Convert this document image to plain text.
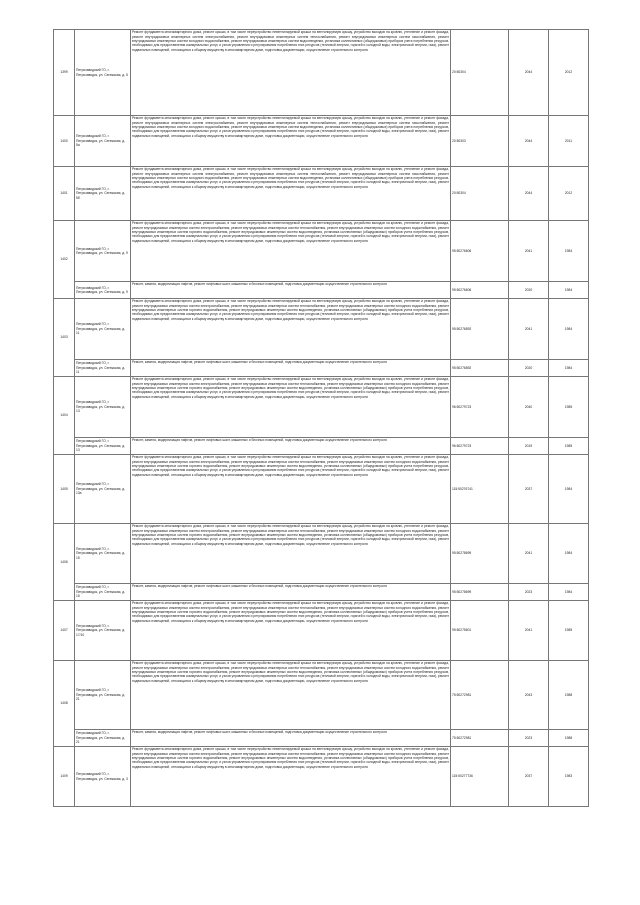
1399	Петрозаводский ГО, г. Петрозаводск, ул. Сегежская, д. 5	Ремонт фундамента многоквартирного дома, ремонт крыши, в том числе переустройство невентилируемой крыши на вентилируемую крышу, устройство выходов на кровлю, утепление и ремонт фасада, ремонт внутридомовых инженерных систем электроснабжения, ремонт внутридомовых инженерных систем теплоснабжения, ремонт внутридомовых инженерных систем газоснабжения, ремонт внутридомовых инженерных систем холодного водоснабжения, ремонт внутридомовых инженерных систем водоотведения, установка коллективных (общедомовых) приборов учета потребления ресурсов, необходимых для предоставления коммунальных услуг, и узлов управления и регулирования потребления этих ресурсов (тепловой энергии, горячей и холодной воды, электрической энергии, газа), ремонт подвальных помещений, относящихся к общему имуществу в многоквартирном доме, подготовка документации, осуществление строительного контроля	20:50304	2044	2012
1400	Петрозаводский ГО, г. Петрозаводск, ул. Сегежская, д. 5а	Ремонт фундамента многоквартирного дома, ремонт крыши, в том числе переустройство невентилируемой крыши на вентилируемую крышу, устройство выходов на кровлю, утепление и ремонт фасада, ремонт внутридомовых инженерных систем электроснабжения, ремонт внутридомовых инженерных систем теплоснабжения, ремонт внутридомовых инженерных систем газоснабжения, ремонт внутридомовых инженерных систем холодного водоснабжения, ремонт внутридомовых инженерных систем водоотведения, установка коллективных (общедомовых) приборов учета потребления ресурсов, необходимых для предоставления коммунальных услуг, и узлов управления и регулирования потребления этих ресурсов (тепловой энергии, горячей и холодной воды, электрической энергии, газа), ремонт подвальных помещений, относящихся к общему имуществу в многоквартирном доме, подготовка документации, осуществление строительного контроля	20:50303	2044	2011
1401	Петрозаводский ГО, г. Петрозаводск, ул. Сегежская, д. 5б	Ремонт фундамента многоквартирного дома, ремонт крыши, в том числе переустройство невентилируемой крыши на вентилируемую крышу, устройство выходов на кровлю, утепление и ремонт фасада, ремонт внутридомовых инженерных систем электроснабжения, ремонт внутридомовых инженерных систем теплоснабжения, ремонт внутридомовых инженерных систем газоснабжения, ремонт внутридомовых инженерных систем холодного водоснабжения, ремонт внутридомовых инженерных систем водоотведения, установка коллективных (общедомовых) приборов учета потребления ресурсов, необходимых для предоставления коммунальных услуг, и узлов управления и регулирования потребления этих ресурсов (тепловой энергии, горячей и холодной воды, электрической энергии, газа), ремонт подвальных помещений, относящихся к общему имуществу в многоквартирном доме, подготовка документации, осуществление строительного контроля	20:50304	2044	2012
1402	Петрозаводский ГО, г. Петрозаводск, ул. Сегежская, д. 9	Ремонт фундамента многоквартирного дома, ремонт крыши, в том числе переустройство невентилируемой крыши на вентилируемую крышу, устройство выходов на кровлю, утепление и ремонт фасада, ремонт внутридомовых инженерных систем электроснабжения, ремонт внутридомовых инженерных систем теплоснабжения, ремонт внутридомовых инженерных систем холодного водоснабжения, ремонт внутридомовых инженерных систем горячего водоснабжения, ремонт внутридомовых инженерных систем водоотведения, установка коллективных (общедомовых) приборов учета потребления ресурсов, необходимых для предоставления коммунальных услуг, и узлов управления и регулирования потребления этих ресурсов (тепловой энергии, горячей и холодной воды, электрической энергии, газа), ремонт подвальных помещений, относящихся к общему имуществу в многоквартирном доме, подготовка документации, осуществление строительного контроля	95:50276606	2041	1984
	Петрозаводский ГО, г. Петрозаводск, ул. Сегежская, д. 9	Ремонт, замена, модернизация лифтов, ремонт лифтовых шахт, машинных и блочных помещений, подготовка документации осуществление строительного контроля	95:50276606	2020	1984
1403	Петрозаводский ГО, г. Петрозаводск, ул. Сегежская, д. 11	Ремонт фундамента многоквартирного дома, ремонт крыши, в том числе переустройство невентилируемой крыши на вентилируемую крышу, устройство выходов на кровлю, утепление и ремонт фасада, ремонт внутридомовых инженерных систем электроснабжения, ремонт внутридомовых инженерных систем теплоснабжения, ремонт внутридомовых инженерных систем холодного водоснабжения, ремонт внутридомовых инженерных систем горячего водоснабжения, ремонт внутридомовых инженерных систем водоотведения, установка коллективных (общедомовых) приборов учета потребления ресурсов, необходимых для предоставления коммунальных услуг, и узлов управления и регулирования потребления этих ресурсов (тепловой энергии, горячей и холодной воды, электрической энергии, газа), ремонт подвальных помещений, относящихся к общему имуществу в многоквартирном доме, подготовка документации, осуществление строительного контроля	95:50276892	2041	1984
	Петрозаводский ГО, г. Петрозаводск, ул. Сегежская, д. 11	Ремонт, замена, модернизация лифтов, ремонт лифтовых шахт, машинных и блочных помещений, подготовка документации осуществление строительного контроля	95:50276892	2020	1984
1404	Петрозаводский ГО, г. Петрозаводск, ул. Сегежская, д. 13	Ремонт фундамента многоквартирного дома, ремонт крыши, в том числе переустройство невентилируемой крыши на вентилируемую крышу, устройство выходов на кровлю, утепление и ремонт фасада, ремонт внутридомовых инженерных систем электроснабжения, ремонт внутридомовых инженерных систем теплоснабжения, ремонт внутридомовых инженерных систем холодного водоснабжения, ремонт внутридомовых инженерных систем горячего водоснабжения, ремонт внутридомовых инженерных систем водоотведения, установка коллективных (общедомовых) приборов учета потребления ресурсов, необходимых для предоставления коммунальных услуг, и узлов управления и регулирования потребления этих ресурсов (тепловой энергии, горячей и холодной воды, электрической энергии, газа), ремонт подвальных помещений, относящихся к общему имуществу в многоквартирном доме, подготовка документации, осуществление строительного контроля	96:50279723	2040	1985
	Петрозаводский ГО, г. Петрозаводск, ул. Сегежская, д. 13	Ремонт, замена, модернизация лифтов, ремонт лифтовых шахт, машинных и блочных помещений, подготовка документации осуществление строительного контроля	96:50279723	2019	1985
1405	Петрозаводский ГО, г. Петрозаводск, ул. Сегежская, д. 13а	Ремонт фундамента многоквартирного дома, ремонт крыши, в том числе переустройство невентилируемой крыши на вентилируемую крышу, устройство выходов на кровлю, утепление и ремонт фасада, ремонт внутридомовых инженерных систем электроснабжения, ремонт внутридомовых инженерных систем теплоснабжения, ремонт внутридомовых инженерных систем холодного водоснабжения, ремонт внутридомовых инженерных систем горячего водоснабжения, ремонт внутридомовых инженерных систем водоотведения, установка коллективных (общедомовых) приборов учета потребления ресурсов, необходимых для предоставления коммунальных услуг, и узлов управления и регулирования потребления этих ресурсов (тепловой энергии, горячей и холодной воды, электрической энергии, газа), ремонт подвальных помещений, относящихся к общему имуществу в многоквартирном доме, подготовка документации, осуществление строительного контроля	115:50276741	2037	1984
1406	Петрозаводский ГО, г. Петрозаводск, ул. Сегежская, д. 15	Ремонт фундамента многоквартирного дома, ремонт крыши, в том числе переустройство невентилируемой крыши на вентилируемую крышу, устройство выходов на кровлю, утепление и ремонт фасада, ремонт внутридомовых инженерных систем электроснабжения, ремонт внутридомовых инженерных систем теплоснабжения, ремонт внутридомовых инженерных систем холодного водоснабжения, ремонт внутридомовых инженерных систем горячего водоснабжения, ремонт внутридомовых инженерных систем водоотведения, установка коллективных (общедомовых) приборов учета потребления ресурсов, необходимых для предоставления коммунальных услуг, и узлов управления и регулирования потребления этих ресурсов (тепловой энергии, горячей и холодной воды, электрической энергии, газа), ремонт подвальных помещений, относящихся к общему имуществу в многоквартирном доме, подготовка документации, осуществление строительного контроля	95:50278699	2041	1984
	Петрозаводский ГО, г. Петрозаводск, ул. Сегежская, д. 15	Ремонт, замена, модернизация лифтов, ремонт лифтовых шахт, машинных и блочных помещений, подготовка документации осуществление строительного контроля	95:50278699	2023	1984
1407	Петрозаводский ГО, г. Петрозаводск, ул. Сегежская, д. 17/10	Ремонт фундамента многоквартирного дома, ремонт крыши, в том числе переустройство невентилируемой крыши на вентилируемую крышу, устройство выходов на кровлю, утепление и ремонт фасада, ремонт внутридомовых инженерных систем электроснабжения, ремонт внутридомовых инженерных систем теплоснабжения, ремонт внутридомовых инженерных систем холодного водоснабжения, ремонт внутридомовых инженерных систем горячего водоснабжения, ремонт внутридомовых инженерных систем водоотведения, установка коллективных (общедомовых) приборов учета потребления ресурсов, необходимых для предоставления коммунальных услуг, и узлов управления и регулирования потребления этих ресурсов (тепловой энергии, горячей и холодной воды, электрической энергии, газа), ремонт подвальных помещений, относящихся к общему имуществу в многоквартирном доме, подготовка документации, осуществление строительного контроля	95:50275601	2041	1985
1408	Петрозаводский ГО, г. Петрозаводск, ул. Сегежская, д. 21	Ремонт фундамента многоквартирного дома, ремонт крыши, в том числе переустройство невентилируемой крыши на вентилируемую крышу, устройство выходов на кровлю, утепление и ремонт фасада, ремонт внутридомовых инженерных систем электроснабжения, ремонт внутридомовых инженерных систем теплоснабжения, ремонт внутридомовых инженерных систем холодного водоснабжения, ремонт внутридомовых инженерных систем горячего водоснабжения, ремонт внутридомовых инженерных систем водоотведения, установка коллективных (общедомовых) приборов учета потребления ресурсов, необходимых для предоставления коммунальных услуг, и узлов управления и регулирования потребления этих ресурсов (тепловой энергии, горячей и холодной воды, электрической энергии, газа), ремонт подвальных помещений, относящихся к общему имуществу в многоквартирном доме, подготовка документации, осуществление строительного контроля	75:50272981	2043	1988
	Петрозаводский ГО, г. Петрозаводск, ул. Сегежская, д. 21	Ремонт, замена, модернизация лифтов, ремонт лифтовых шахт, машинных и блочных помещений, подготовка документации осуществление строительного контроля	75:50272981	2023	1988
1409	Петрозаводский ГО, г. Петрозаводск, ул. Сегежская, д. 3	Ремонт фундамента многоквартирного дома, ремонт крыши, в том числе переустройство невентилируемой крыши на вентилируемую крышу, устройство выходов на кровлю, утепление и ремонт фасада, ремонт внутридомовых инженерных систем электроснабжения, ремонт внутридомовых инженерных систем теплоснабжения, ремонт внутридомовых инженерных систем холодного водоснабжения, ремонт внутридомовых инженерных систем горячего водоснабжения, ремонт внутридомовых инженерных систем водоотведения, установка коллективных (общедомовых) приборов учета потребления ресурсов, необходимых для предоставления коммунальных услуг, и узлов управления и регулирования потребления этих ресурсов (тепловой энергии, горячей и холодной воды, электрической энергии, газа), ремонт подвальных помещений, относящихся к общему имуществу в многоквартирном доме, подготовка документации, осуществление строительного контроля	115:50277736	2037	1983
